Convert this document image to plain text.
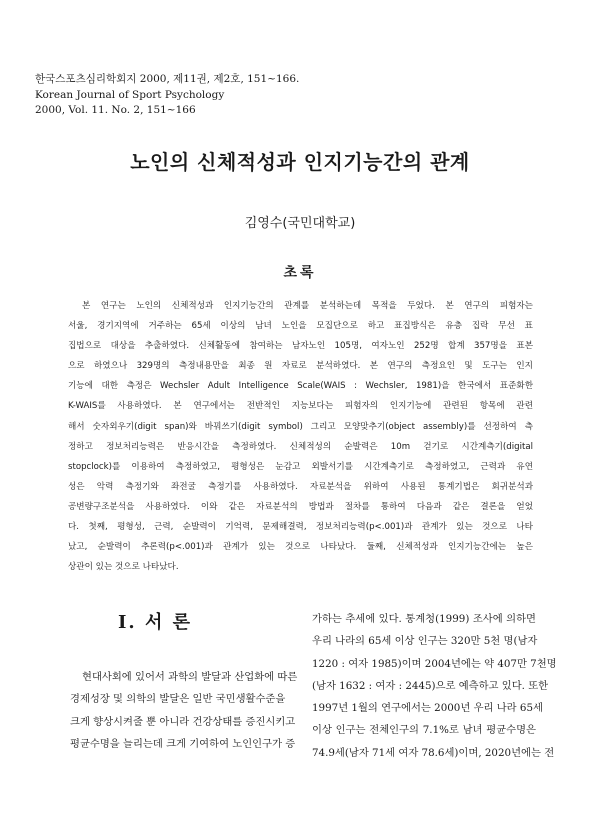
한국스포츠심리학회지 2000, 제11권, 제2호, 151~166.
Korean Journal of Sport Psychology
2000, Vol. 11. No. 2, 151~166
노인의 신체적성과 인지기능간의 관계
김영수(국민대학교)
초록
본 연구는 노인의 신체적성과 인지기능간의 관계를 분석하는데 목적을 두었다. 본 연구의 피험자는
서울, 경기지역에 거주하는 65세 이상의 남녀 노인을 모집단으로 하고 표집방식은 유층 집락 무선 표
집법으로 대상을 추출하였다. 신체활동에 참여하는 남자노인 105명, 여자노인 252명 합계 357명을 표본
으로 하였으나 329명의 측정내용만을 최종 원 자료로 분석하였다. 본 연구의 측정요인 및 도구는 인지
기능에 대한 측정은 Wechsler Adult Intelligence Scale(WAIS : Wechsler, 1981)을 한국에서 표준화한
K-WAIS를 사용하였다. 본 연구에서는 전반적인 지능보다는 피험자의 인지기능에 관련된 항목에 관련
해서 숫자외우기(digit span)와 바꿔쓰기(digit symbol) 그리고 모양맞추기(object assembly)를 선정하여 측
정하고 정보처리능력은 반응시간을 측정하였다. 신체적성의 순발력은 10m 걷기로 시간계측기(digital
stopclock)를 이용하여 측정하였고, 평형성은 눈감고 외발서기를 시간계측기로 측정하였고, 근력과 유연
성은 악력 측정기와 좌전굴 측정기를 사용하였다. 자료분석을 위하여 사용된 통계기법은 회귀분석과
공변량구조분석을 사용하였다. 이와 같은 자료분석의 방법과 절차를 통하여 다음과 같은 결론을 얻었
다. 첫째, 평형성, 근력, 순발력이 기억력, 문제해결력, 정보처리능력(p<.001)과 관계가 있는 것으로 나타
났고, 순발력이 추론력(p<.001)과 관계가 있는 것으로 나타났다. 둘째, 신체적성과 인지기능간에는 높은
상관이 있는 것으로 나타났다.
I. 서 론
현대사회에 있어서 과학의 발달과 산업화에 따른
경제성장 및 의학의 발달은 일반 국민생활수준을
크게 향상시켜줄 뿐 아니라 건강상태를 증진시키고
평균수명을 늘리는데 크게 기여하여 노인인구가 증
가하는 추세에 있다. 통계청(1999) 조사에 의하면
우리 나라의 65세 이상 인구는 320만 5천 명(남자
1220 : 여자 1985)이며 2004년에는 약 407만 7천명
(남자 1632 : 여자 : 2445)으로 예측하고 있다. 또한
1997년 1월의 연구에서는 2000년 우리 나라 65세
이상 인구는 전체인구의 7.1%로 남녀 평균수명은
74.9세(남자 71세 여자 78.6세)이며, 2020년에는 전
